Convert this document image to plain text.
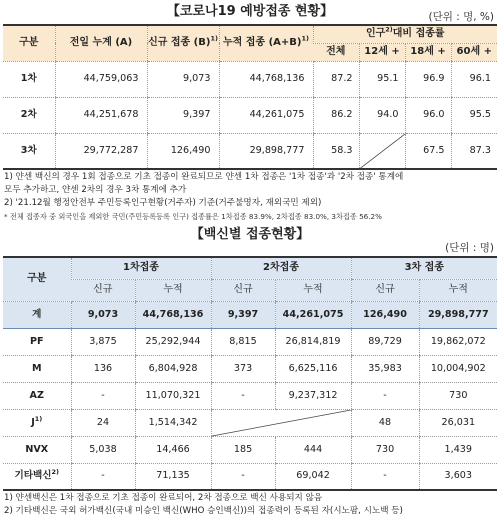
【코로나19 예방접종 현황】	(단위 : 명, %)
구분	전일 누계 (A)	신규 접종 $(B)^{1)}$	누적 접종 $(A+B)^{1)}$	인구$^{2)}$대비 접종률			
				전체	12세 +	18세 +	60세 +
1차	44,759,063	9,073	44,768,136	87.2	95.1	96.9	96.1
2차	44,251,678	9,397	44,261,075	86.2	94.0	96.0	95.5
3차	29,772,287	126,490	29,898,777	58.3		67.5	87.3
1) 얀센 백신의 경우 1회 접종으로 기초 접종이 완료되므로 얀센 1차 접종은 '1차 접종'과 '2차 접종' 통계에
모두 추가하고, 얀센 2차의 경우 3차 통계에 추가
2) '21.12월 행정안전부 주민등록인구현황(거주자) 기준(거주불명자, 재외국민 제외)
* 전체 접종자 중 외국인을 제외한 국민(주민등록등록 인구) 접종률은 1차접종 83.9%, 2차접종 83.0%, 3차접종 56.2%
【백신별 접종현황】
(단위 : 명)
구분	1차접종		2차접종		3차 접종	
	신규	누적	신규	누적	신규	누적
계	9,073	44,768,136	9,397	44,261,075	126,490	29,898,777
PF	3,875	25,292,944	8,815	26,814,819	89,729	19,862,072
M	136	6,804,928	373	6,625,116	35,983	10,004,902
AZ	-	11,070,321	-	9,237,312	-	730
$J^{1)}$	24	1,514,342			48	26,031
NVX	5,038	14,466	185	444	730	1,439
기타백신$^{2)}$	-	71,135	-	69,042	-	3,603
1) 얀센백신은 1차 접종으로 기초 접종이 완료되어, 2차 접종으로 백신 사용되지 않음
2) 기타백신은 국외 허가백신(국내 미승인 백신(WHO 승인백신))의 접종력이 등록된 자(시노팜, 시노백 등)
